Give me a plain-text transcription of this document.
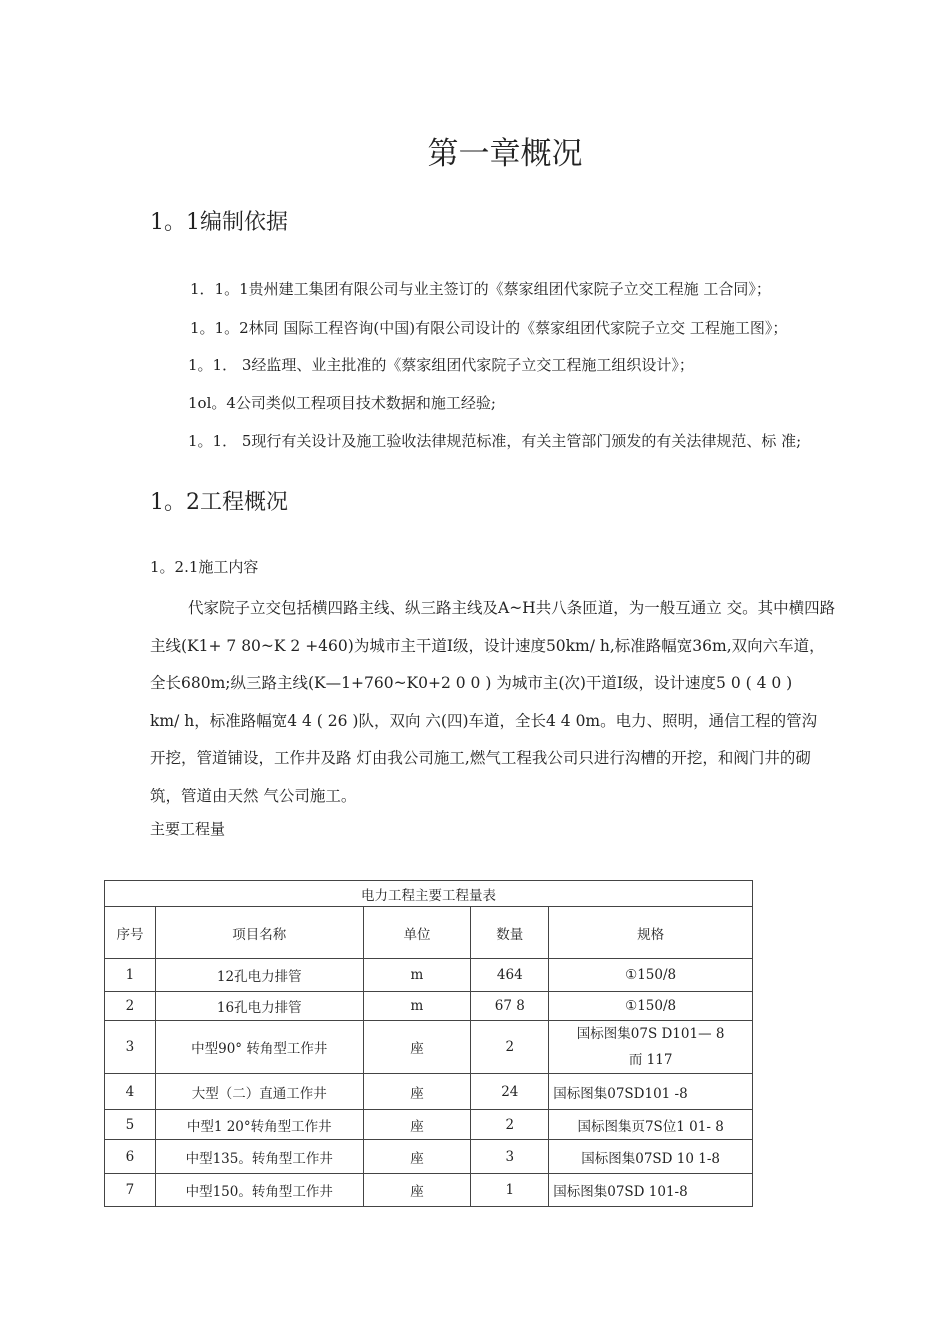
第一章概况
1。1编制依据
1．1。1贵州建工集团有限公司与业主签订的《蔡家组团代家院子立交工程施 工合同》；
1。1。2林同 国际工程咨询(中国)有限公司设计的《蔡家组团代家院子立交 工程施工图》；
1。1． 3经监理、业主批准的《蔡家组团代家院子立交工程施工组织设计》；
1ol。4公司类似工程项目技术数据和施工经验;
1。1． 5现行有关设计及施工验收法律规范标准，有关主管部门颁发的有关法律规范、标 准;
1。2工程概况
1。2.1施工内容
代家院子立交包括横四路主线、纵三路主线及A~H共八条匝道，为一般互通立 交。其中横四路
主线(K1+ 7 80~K 2 +460)为城市主干道Ⅰ级，设计速度50km/ h,标准路幅宽36m,双向六车道，
全长680m;纵三路主线(K—1+760~K0+2 0 0 ) 为城市主(次)干道Ⅰ级，设计速度5 0 ( 4 0 )
km/ h，标准路幅宽4 4 ( 26 )队，双向 六(四)车道，全长4 4 0m。电力、照明，通信工程的管沟
开挖，管道铺设，工作井及路 灯由我公司施工,燃气工程我公司只进行沟槽的开挖，和阀门井的砌
筑，管道由天然 气公司施工。
主要工程量
电力工程主要工程量表				
序号	项目名称	单位	数量	规格
1	12孔电力排管	m	464	①150/8
2	16孔电力排管	m	67 8	①150/8
3	中型90° 转角型工作井	座	2	国标图集07S D101— 8
而 117

4	大型（二）直通工作井	座	24	国标图集07SD101 -8
5	中型1 20°转角型工作井	座	2	国标图集页7S位1 01- 8
6	中型135。转角型工作井	座	3	国标图集07SD 10 1-8
7	中型150。转角型工作井	座	1	国标图集07SD 101-8
